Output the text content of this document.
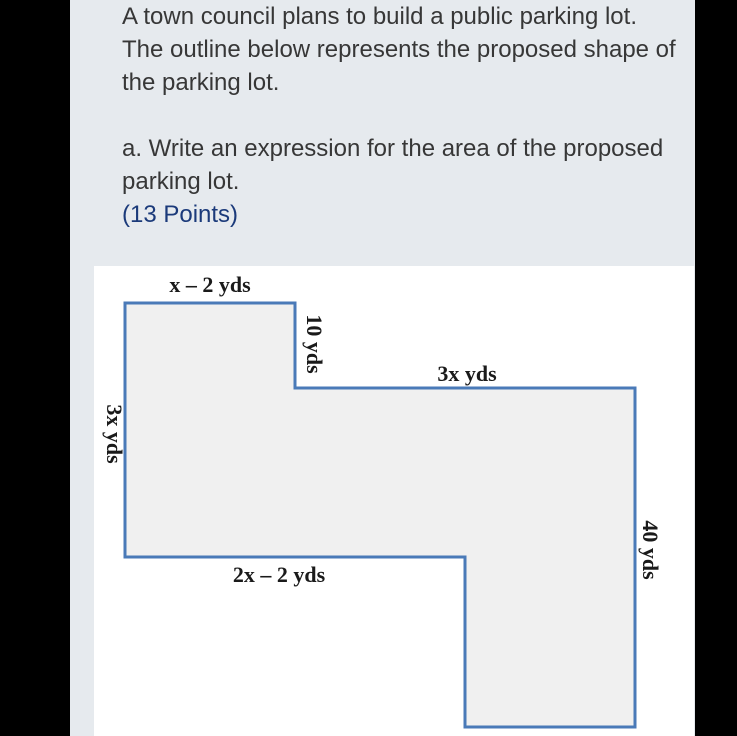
A town council plans to build a public parking lot. The outline below represents the proposed shape of the parking lot.

a. Write an expression for the area of the proposed parking lot.

(13 Points)

x – 2 yds
10 yds	3x yds
3x yds
2x – 2 yds	40 yds
